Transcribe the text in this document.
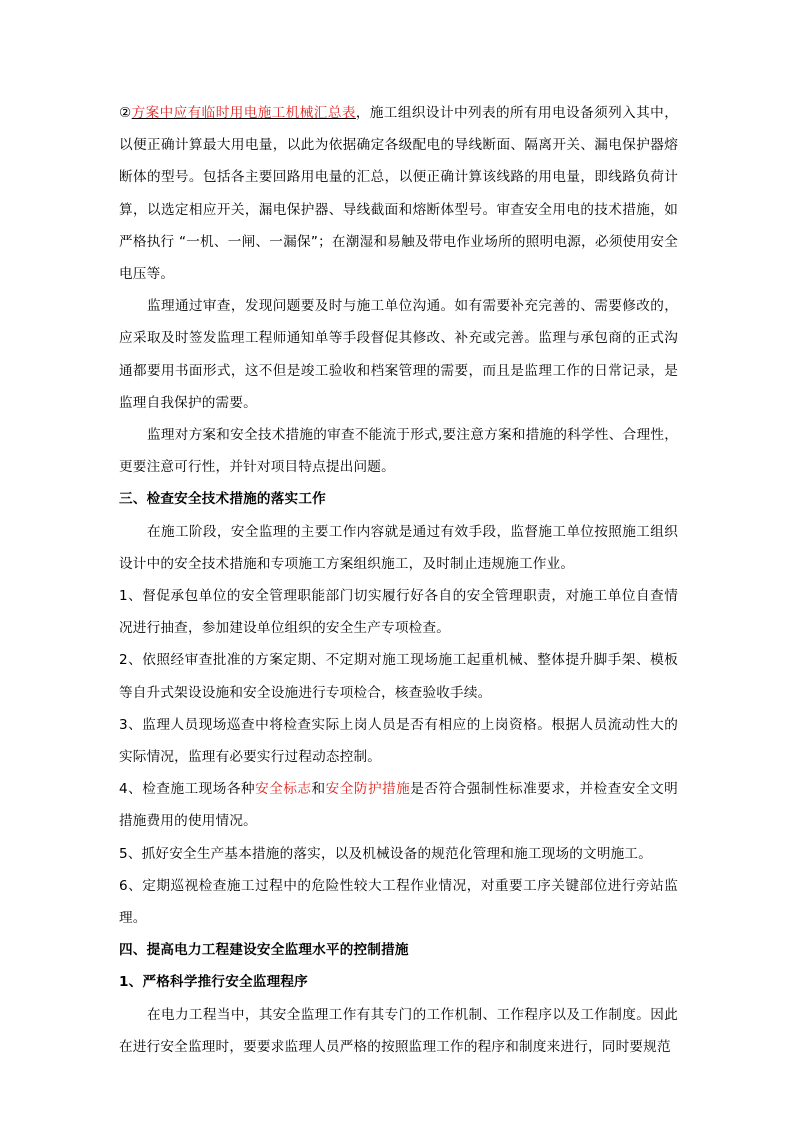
②方案中应有临时用电施工机械汇总表，施工组织设计中列表的所有用电设备须列入其中，以便正确计算最大用电量，以此为依据确定各级配电的导线断面、隔离开关、漏电保护器熔断体的型号。包括各主要回路用电量的汇总，以便正确计算该线路的用电量，即线路负荷计算，以选定相应开关，漏电保护器、导线截面和熔断体型号。审查安全用电的技术措施，如严格执行 “一机、一闸、一漏保”；在潮湿和易触及带电作业场所的照明电源，必须使用安全电压等。

监理通过审查，发现问题要及时与施工单位沟通。如有需要补充完善的、需要修改的，应采取及时签发监理工程师通知单等手段督促其修改、补充或完善。监理与承包商的正式沟通都要用书面形式，这不但是竣工验收和档案管理的需要，而且是监理工作的日常记录，是监理自我保护的需要。

监理对方案和安全技术措施的审查不能流于形式,要注意方案和措施的科学性、合理性，更要注意可行性，并针对项目特点提出问题。

三、检查安全技术措施的落实工作

在施工阶段，安全监理的主要工作内容就是通过有效手段，监督施工单位按照施工组织设计中的安全技术措施和专项施工方案组织施工，及时制止违规施工作业。

1、督促承包单位的安全管理职能部门切实履行好各自的安全管理职责，对施工单位自查情况进行抽查，参加建设单位组织的安全生产专项检查。

2、依照经审查批准的方案定期、不定期对施工现场施工起重机械、整体提升脚手架、模板等自升式架设设施和安全设施进行专项检合，核查验收手续。

3、监理人员现场巡查中将检查实际上岗人员是否有相应的上岗资格。根据人员流动性大的实际情况，监理有必要实行过程动态控制。

4、检查施工现场各种安全标志和安全防护措施是否符合强制性标准要求，并检查安全文明措施费用的使用情况。

5、抓好安全生产基本措施的落实，以及机械设备的规范化管理和施工现场的文明施工。

6、定期巡视检查施工过程中的危险性较大工程作业情况，对重要工序关键部位进行旁站监理。

四、提高电力工程建设安全监理水平的控制措施

1、严格科学推行安全监理程序

在电力工程当中，其安全监理工作有其专门的工作机制、工作程序以及工作制度。因此在进行安全监理时，要要求监理人员严格的按照监理工作的程序和制度来进行，同时要规范
